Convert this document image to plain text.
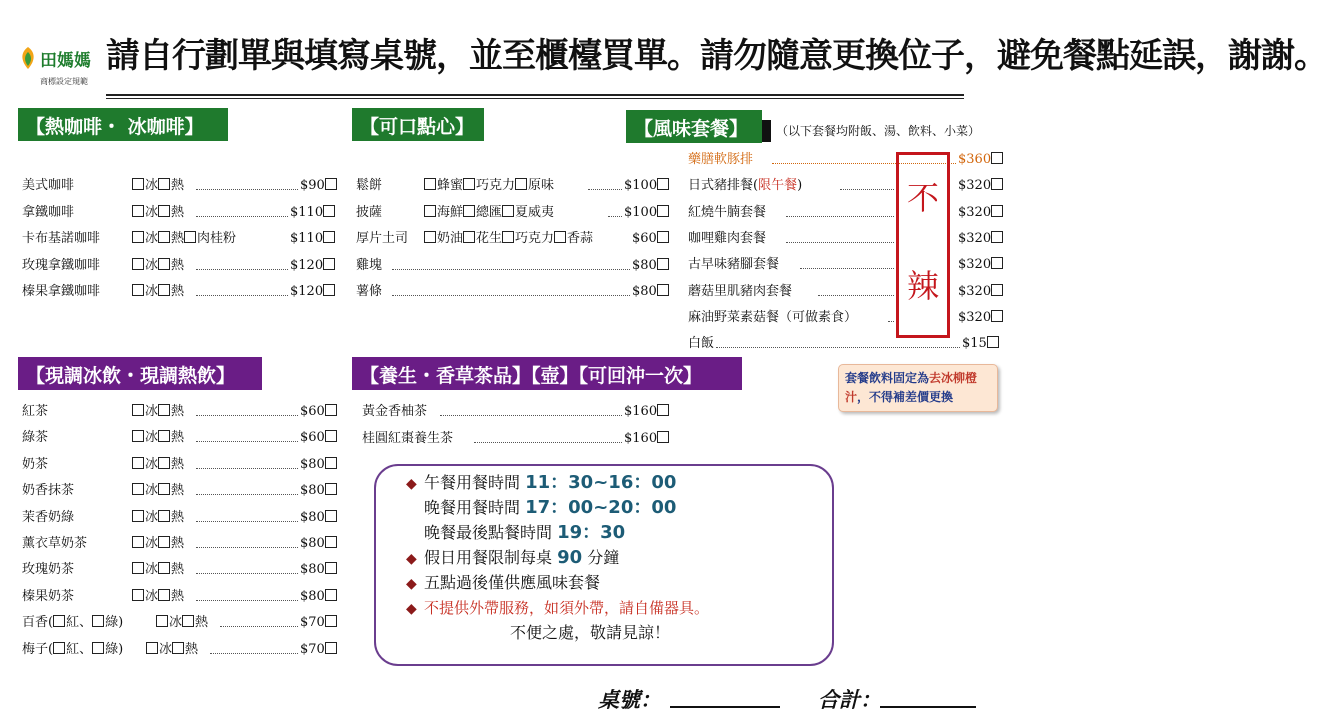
田媽媽
商標設定規範
請自行劃單與填寫桌號，並至櫃檯買單。請勿隨意更換位子，避免餐點延誤，謝謝。
【熱咖啡・ 冰咖啡】	【可口點心】	【風味套餐】	（以下套餐均附飯、湯、飲料、小菜）
【現調冰飲・現調熱飲】	【養生・香草茶品】【壺】【可回沖一次】
美式咖啡	冰 熱	$90
拿鐵咖啡	冰 熱	$110
卡布基諾咖啡	冰 熱 肉桂粉	$110
玫瑰拿鐵咖啡	冰 熱	$120
榛果拿鐵咖啡	冰 熱	$120
鬆餅	蜂蜜 巧克力 原味	$100
披薩	海鮮 總匯 夏威夷	$100
厚片土司	奶油 花生 巧克力 香蒜	$60
雞塊	$80
薯條	$80
藥膳軟豚排	$360
日式豬排餐(限午餐)	$320
紅燒牛腩套餐	$320
咖哩雞肉套餐	$320
古早味豬腳套餐	$320
蘑菇里肌豬肉套餐	$320
麻油野菜素菇餐（可做素食）	$320
白飯	$15
紅茶	冰 熱	$60
綠茶	冰 熱	$60
奶茶	冰 熱	$80
奶香抹茶	冰 熱	$80
茉香奶綠	冰 熱	$80
薰衣草奶茶	冰 熱	$80
玫瑰奶茶	冰 熱	$80
榛果奶茶	冰 熱	$80
百香( 紅、 綠)	冰 熱	$70
梅子( 紅、 綠)	冰 熱	$70
黃金香柚茶	$160
桂圓紅棗養生茶	$160
不
辣
套餐飲料固定為去冰柳橙汁，不得補差價更換
◆ 午餐用餐時間 11：30~16：00
晚餐用餐時間 17：00~20：00
晚餐最後點餐時間 19：30
◆ 假日用餐限制每桌 90 分鐘
◆ 五點過後僅供應風味套餐
◆ 不提供外帶服務，如須外帶，請自備器具。
不便之處，敬請見諒！
桌號：	合計：
